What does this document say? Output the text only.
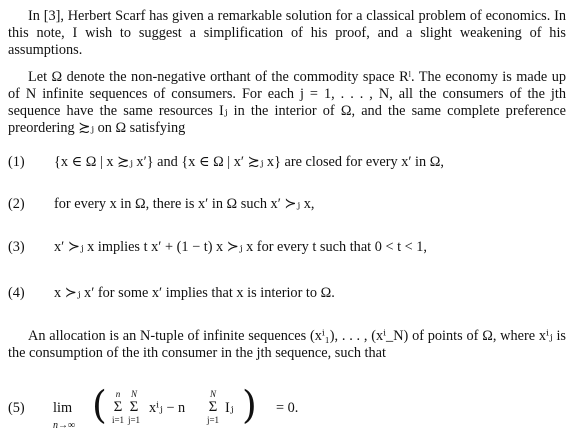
In [3], Herbert Scarf has given a remarkable solution for a classical problem of economics. In this note, I wish to suggest a simplification of his proof, and a slight weakening of his assumptions.
Let Ω denote the non-negative orthant of the commodity space Rˡ. The economy is made up of N infinite sequences of consumers. For each j = 1, . . . , N, all the consumers of the jth sequence have the same resources Iⱼ in the interior of Ω, and the same complete preference preordering ≿ⱼ on Ω satisfying
(1) {x ∈ Ω | x ≿ⱼ x′} and {x ∈ Ω | x′ ≿ⱼ x} are closed for every x′ in Ω,
(2) for every x in Ω, there is x′ in Ω such x′ ≻ⱼ x,
(3) x′ ≻ⱼ x implies t x′ + (1 − t) x ≻ⱼ x for every t such that 0 < t < 1,
(4) x ≻ⱼ x′ for some x′ implies that x is interior to Ω.
An allocation is an N-tuple of infinite sequences (xⁱ₁), . . . , (xⁱ_N) of points of Ω, where xⁱⱼ is the consumption of the ith consumer in the jth sequence, such that
(5) lim
n→∞ ( n
Σ
i=1
N
Σ
j=1
xⁱⱼ − n
N
Σ
j=1
Iⱼ ) = 0.
